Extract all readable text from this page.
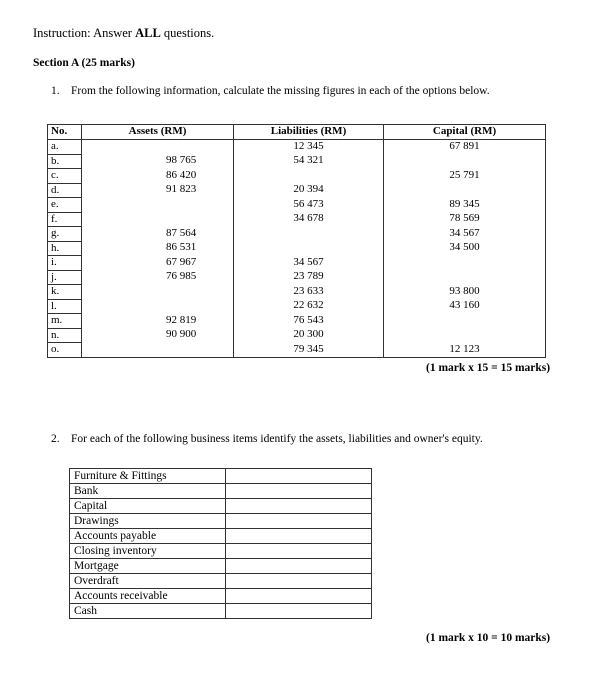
Instruction: Answer ALL questions.
Section A (25 marks)
1. From the following information, calculate the missing figures in each of the options below.
No.	Assets (RM)	Liabilities (RM)	Capital (RM)
a.		12 345	67 891
b.	98 765	54 321	
c.	86 420		25 791
d.	91 823	20 394	
e.		56 473	89 345
f.		34 678	78 569
g.	87 564		34 567
h.	86 531		34 500
i.	67 967	34 567	
j.	76 985	23 789	
k.		23 633	93 800
l.		22 632	43 160
m.	92 819	76 543	
n.	90 900	20 300	
o.		79 345	12 123
(1 mark x 15 = 15 marks)
2. For each of the following business items identify the assets, liabilities and owner's equity.
Furniture & Fittings	
Bank	
Capital	
Drawings	
Accounts payable	
Closing inventory	
Mortgage	
Overdraft	
Accounts receivable	
Cash	
(1 mark x 10 = 10 marks)
